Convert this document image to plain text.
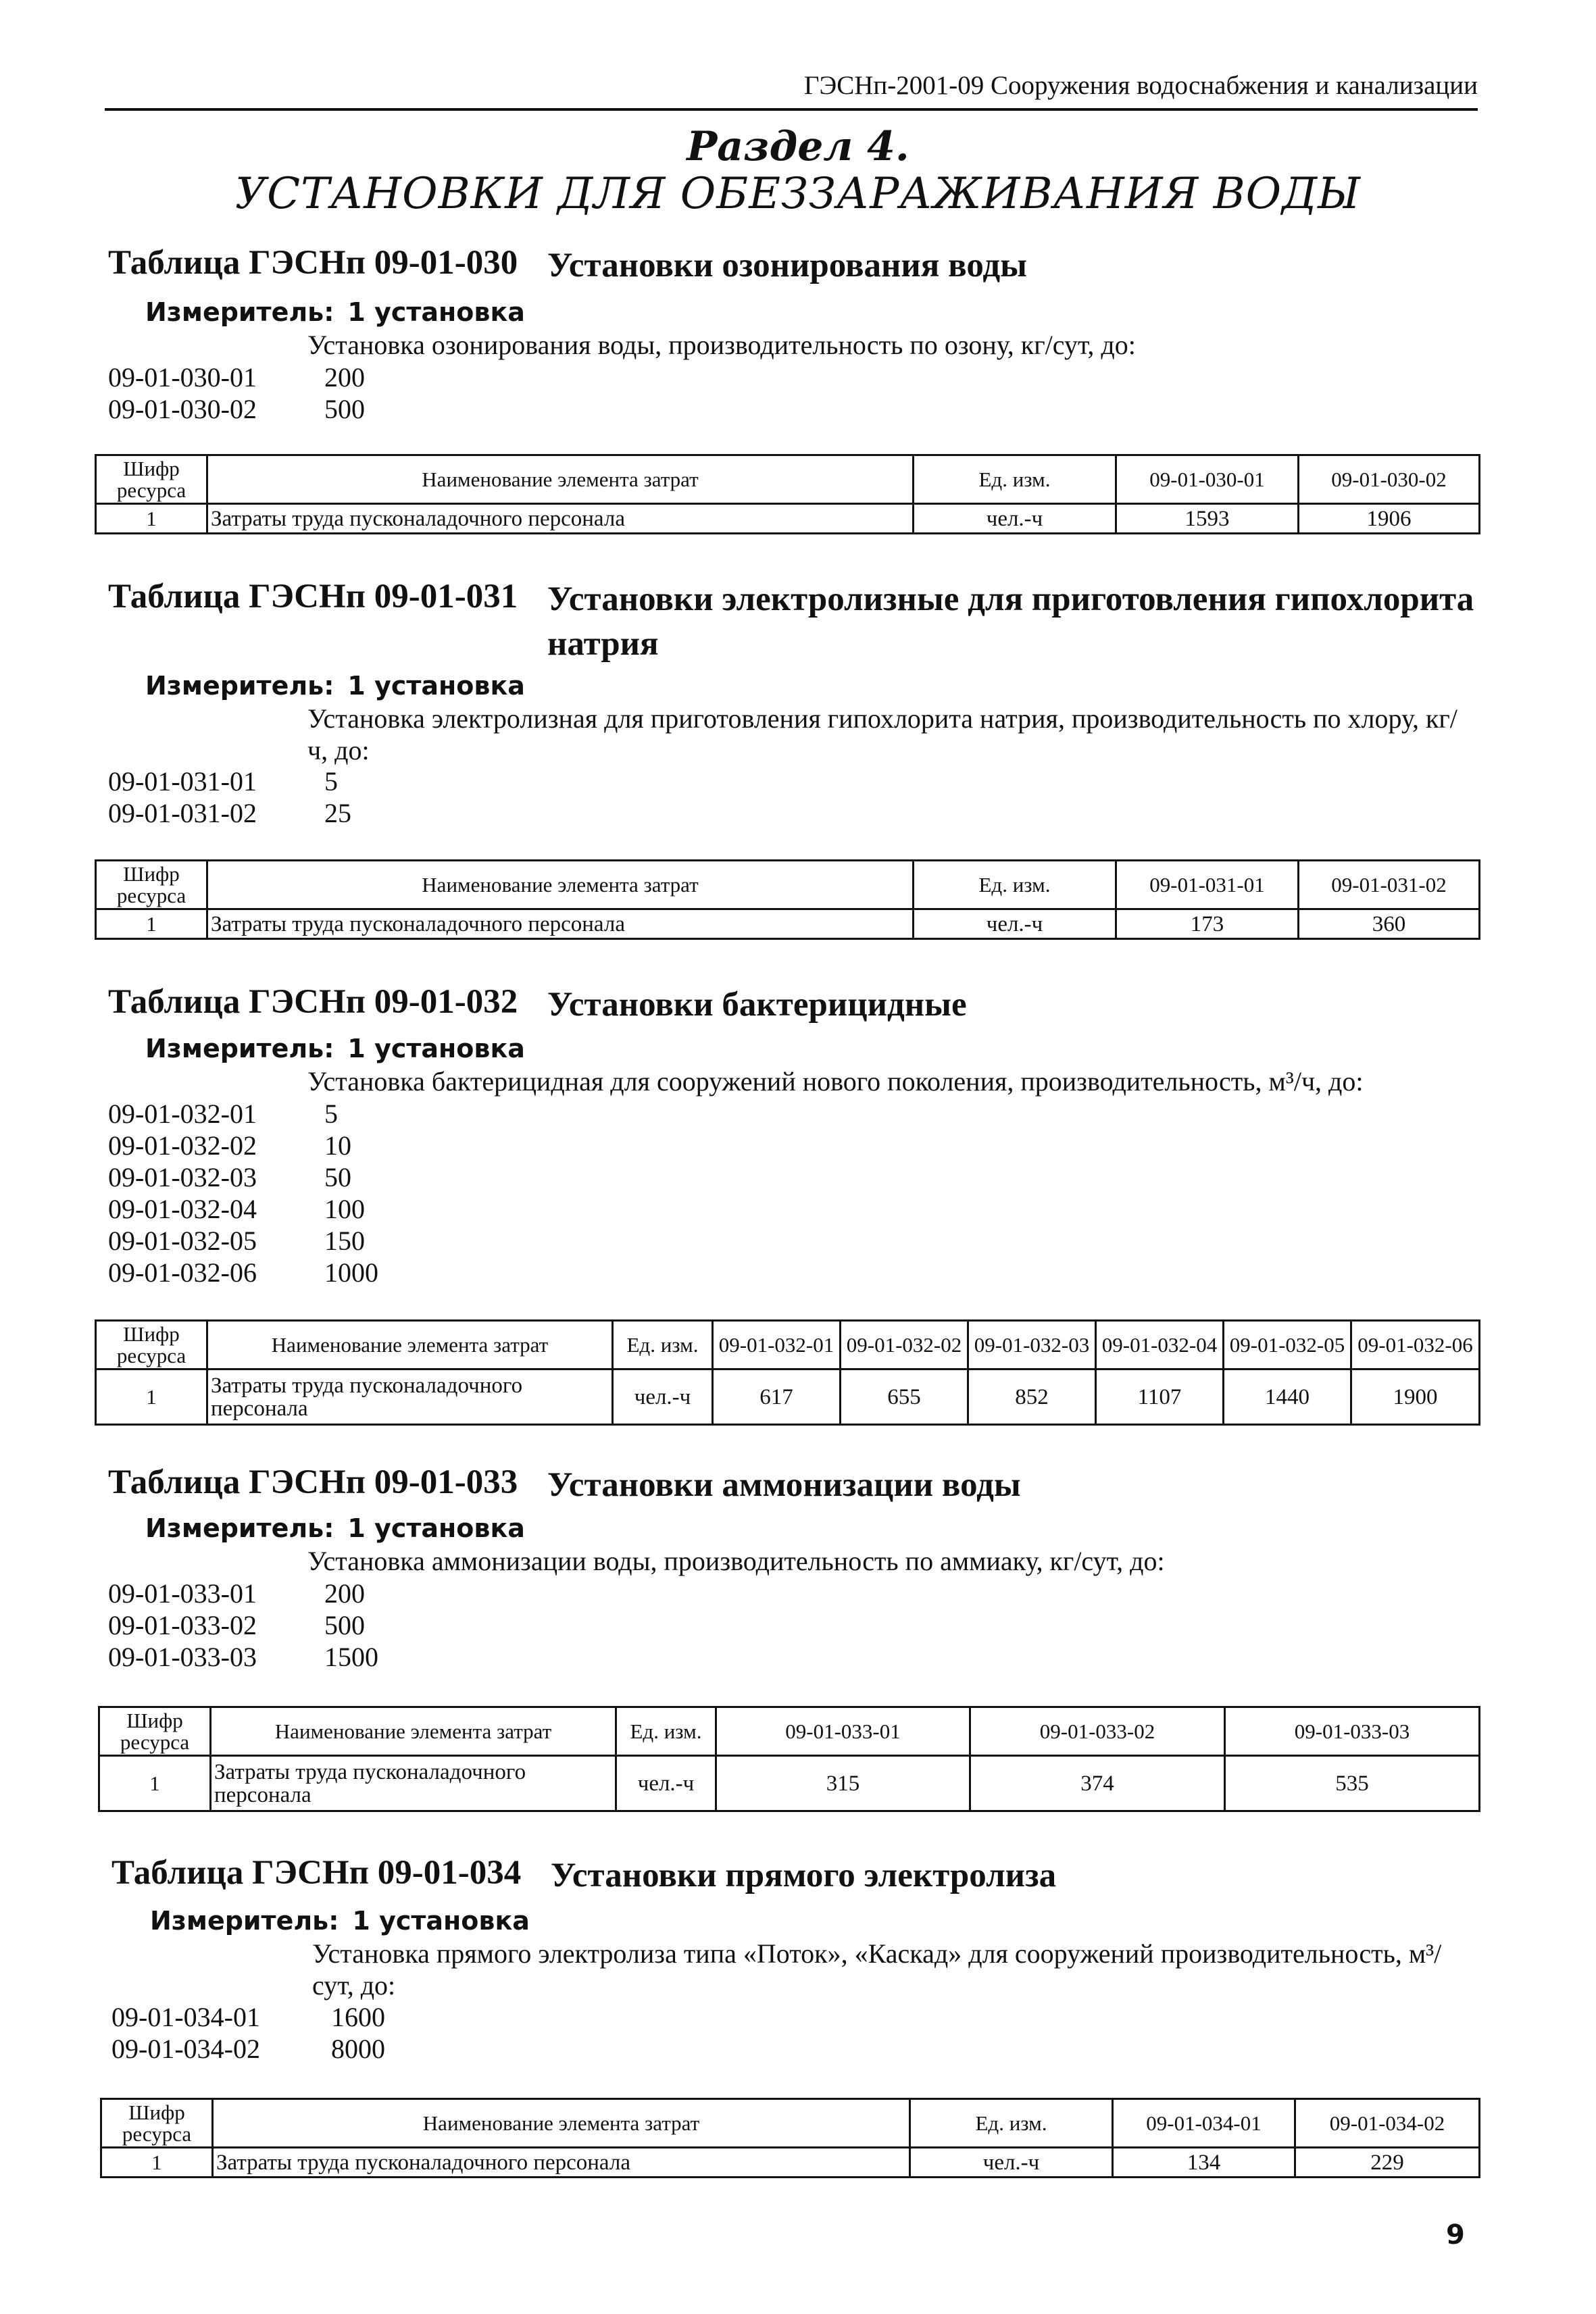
ГЭСНп-2001-09 Сооружения водоснабжения и канализации
Раздел 4.
УСТАНОВКИ ДЛЯ ОБЕЗЗАРАЖИВАНИЯ ВОДЫ
Таблица ГЭСНп 09-01-030 Установки озонирования воды
Измеритель: 1 установка
Установка озонирования воды, производительность по озону, кг/сут, до:
09-01-030-01	200
09-01-030-02	500
Шифр ресурса	Наименование элемента затрат	Ед. изм.	09-01-030-01	09-01-030-02
1	Затраты труда пусконаладочного персонала	чел.-ч	1593	1906
Таблица ГЭСНп 09-01-031 Установки электролизные для приготовления гипохлорита натрия
Измеритель: 1 установка
Установка электролизная для приготовления гипохлорита натрия, производительность по хлору, кг/ч, до:
09-01-031-01	5
09-01-031-02	25
Шифр ресурса	Наименование элемента затрат	Ед. изм.	09-01-031-01	09-01-031-02
1	Затраты труда пусконаладочного персонала	чел.-ч	173	360
Таблица ГЭСНп 09-01-032 Установки бактерицидные
Измеритель: 1 установка
Установка бактерицидная для сооружений нового поколения, производительность, м³/ч, до:
09-01-032-01	5
09-01-032-02	10
09-01-032-03	50
09-01-032-04	100
09-01-032-05	150
09-01-032-06	1000
Шифр ресурса	Наименование элемента затрат	Ед. изм.	09-01-032-01	09-01-032-02	09-01-032-03	09-01-032-04	09-01-032-05	09-01-032-06
1	Затраты труда пусконаладочного персонала	чел.-ч	617	655	852	1107	1440	1900
Таблица ГЭСНп 09-01-033 Установки аммонизации воды
Измеритель: 1 установка
Установка аммонизации воды, производительность по аммиаку, кг/сут, до:
09-01-033-01	200
09-01-033-02	500
09-01-033-03	1500
Шифр ресурса	Наименование элемента затрат	Ед. изм.	09-01-033-01	09-01-033-02	09-01-033-03
1	Затраты труда пусконаладочного персонала	чел.-ч	315	374	535
Таблица ГЭСНп 09-01-034 Установки прямого электролиза
Измеритель: 1 установка
Установка прямого электролиза типа «Поток», «Каскад» для сооружений производительность, м³/сут, до:
09-01-034-01	1600
09-01-034-02	8000
Шифр ресурса	Наименование элемента затрат	Ед. изм.	09-01-034-01	09-01-034-02
1	Затраты труда пусконаладочного персонала	чел.-ч	134	229
9
